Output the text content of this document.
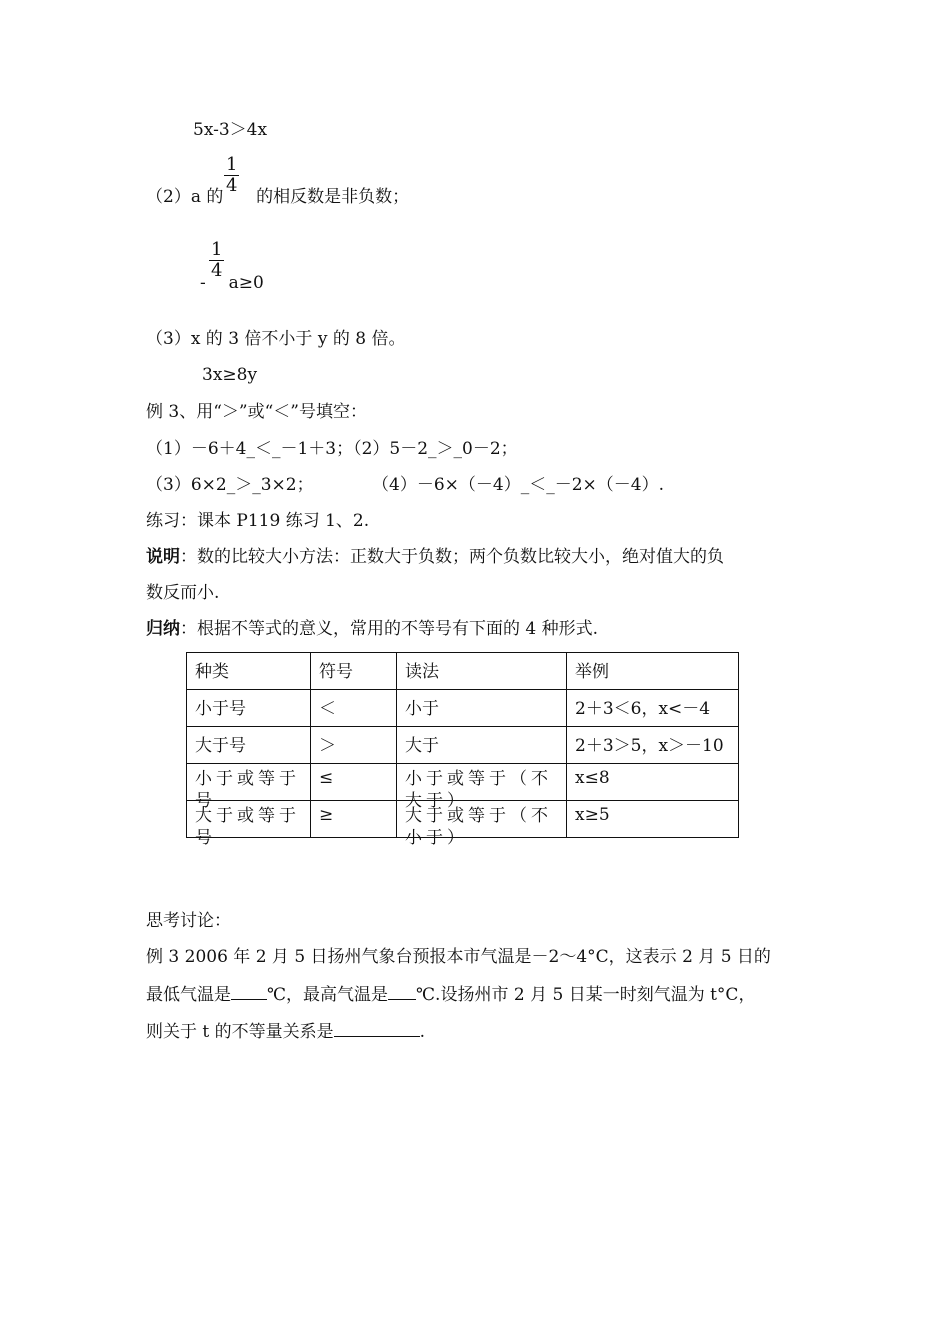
5x-3＞4x
（2）a 的 的相反数是非负数；
$\frac{1}{4}$
$\frac{1}{4}$
- a≥0
（3）x 的 3 倍不小于 y 的 8 倍。
3x≥8y
例 3、用“＞”或“＜”号填空：
（1）－6＋4_＜_－1＋3；（2）5－2_＞_0－2；
（3）6×2_＞_3×2；	（4）－6×（－4）_＜_－2×（－4）.
练习：课本 P119 练习 1、2.
说明：数的比较大小方法：正数大于负数；两个负数比较大小，绝对值大的负
数反而小.
归纳：根据不等式的意义，常用的不等号有下面的 4 种形式.
种类	符号	读法	举例
小于号	＜	小于	2＋3＜6，x<－4
大于号	＞	大于	2＋3＞5，x＞－10

小于或等于号	≤	小于或等于（不大于）	x≤8

大于或等于号	≥	大于或等于（不小于）	x≥5
思考讨论：
例 3 2006 年 2 月 5 日扬州气象台预报本市气温是－2～4°C，这表示 2 月 5 日的
最低气温是 ℃，最高气温是 ℃.设扬州市 2 月 5 日某一时刻气温为 t°C，
则关于 t 的不等量关系是	.
